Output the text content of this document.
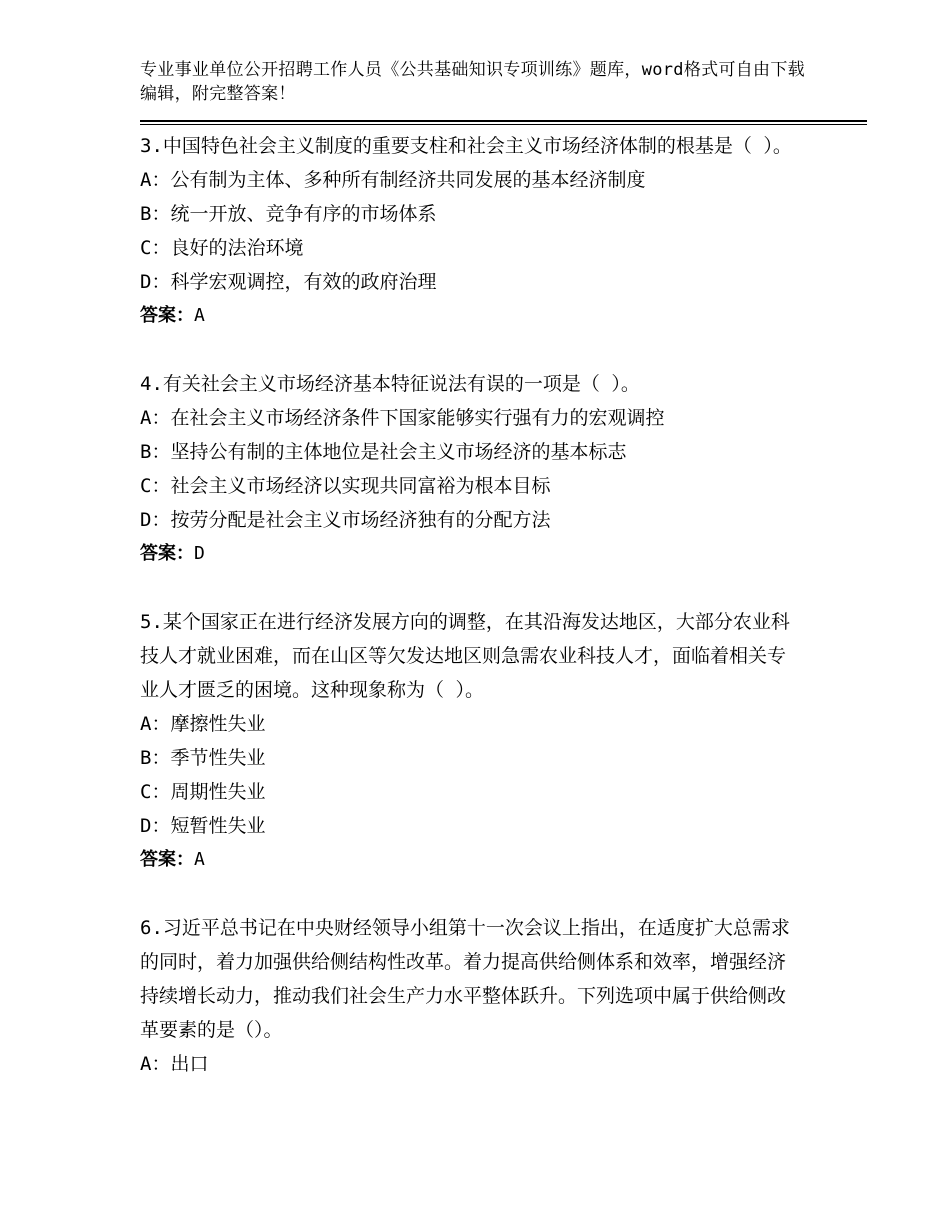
专业事业单位公开招聘工作人员《公共基础知识专项训练》题库，word格式可自由下载编辑，附完整答案！

3.中国特色社会主义制度的重要支柱和社会主义市场经济体制的根基是（ ）。

A：公有制为主体、多种所有制经济共同发展的基本经济制度

B：统一开放、竞争有序的市场体系

C：良好的法治环境

D：科学宏观调控，有效的政府治理

答案：A

4.有关社会主义市场经济基本特征说法有误的一项是（ ）。

A：在社会主义市场经济条件下国家能够实行强有力的宏观调控

B：坚持公有制的主体地位是社会主义市场经济的基本标志

C：社会主义市场经济以实现共同富裕为根本目标

D：按劳分配是社会主义市场经济独有的分配方法

答案：D

5.某个国家正在进行经济发展方向的调整，在其沿海发达地区，大部分农业科技人才就业困难，而在山区等欠发达地区则急需农业科技人才，面临着相关专业人才匮乏的困境。这种现象称为（ ）。

A：摩擦性失业

B：季节性失业

C：周期性失业

D：短暂性失业

答案：A

6.习近平总书记在中央财经领导小组第十一次会议上指出，在适度扩大总需求的同时，着力加强供给侧结构性改革。着力提高供给侧体系和效率，增强经济持续增长动力，推动我们社会生产力水平整体跃升。下列选项中属于供给侧改革要素的是（）。

A：出口
